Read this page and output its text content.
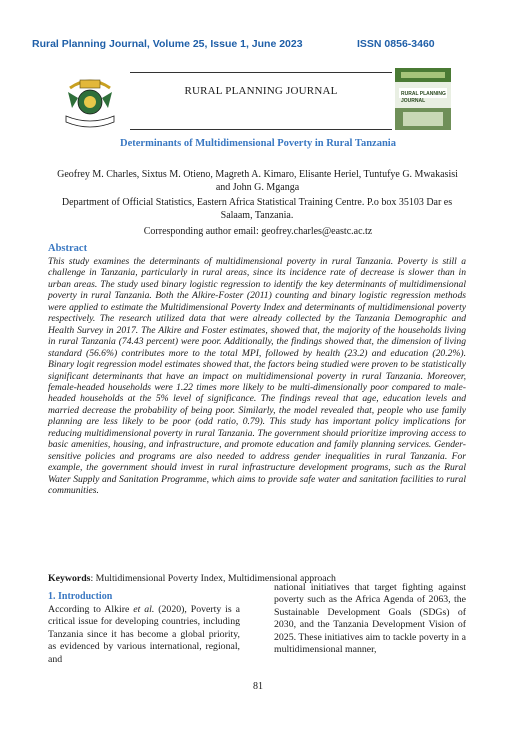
Rural Planning Journal, Volume 25, Issue 1, June 2023	ISSN 0856-3460
RURAL PLANNING JOURNAL	RURAL PLANNING
JOURNAL
Determinants of Multidimensional Poverty in Rural Tanzania
Geofrey M. Charles, Sixtus M. Otieno, Magreth A. Kimaro, Elisante Heriel, Tuntufye G. Mwakasisi and John G. Mganga
Department of Official Statistics, Eastern Africa Statistical Training Centre. P.o box 35103 Dar es Salaam, Tanzania.
Corresponding author email: geofrey.charles@eastc.ac.tz
Abstract
This study examines the determinants of multidimensional poverty in rural Tanzania. Poverty is still a challenge in Tanzania, particularly in rural areas, since its incidence rate of decrease is slower than in urban areas. The study used binary logistic regression to identify the key determinants of multidimensional poverty in rural Tanzania. Both the Alkire-Foster (2011) counting and binary logistic regression methods were applied to estimate the Multidimensional Poverty Index and determinants of multidimensional poverty respectively. The research utilized data that were already collected by the Tanzania Demographic and Health Survey in 2017. The Alkire and Foster estimates, showed that, the majority of the households living in rural Tanzania (74.43 percent) were poor. Additionally, the findings showed that, the dimension of living standard (56.6%) contributes more to the total MPI, followed by health (23.2) and education (20.2%). Binary logit regression model estimates showed that, the factors being studied were proven to be statistically significant determinants that have an impact on multidimensional poverty in rural Tanzania. Moreover, female-headed households were 1.22 times more likely to be multi-dimensionally poor compared to male-headed households at the 5% level of significance. The findings reveal that age, education levels and married decrease the probability of being poor. Similarly, the model revealed that, people who use family planning are less likely to be poor (odd ratio, 0.79). This study has important policy implications for reducing multidimensional poverty in rural Tanzania. The government should prioritize improving access to basic amenities, housing, and infrastructure, and promote education and family planning services. Gender-sensitive policies and programs are also needed to address gender inequalities in rural Tanzania. For example, the government should invest in rural infrastructure development programs, such as the Rural Water Supply and Sanitation Programme, which aims to provide safe water and sanitation facilities to rural communities.
Keywords: Multidimensional Poverty Index, Multidimensional approach
1. Introduction
According to Alkire et al. (2020), Poverty is a critical issue for developing countries, including Tanzania since it has become a global priority, as evidenced by various international, regional, and
national initiatives that target fighting against poverty such as the Africa Agenda of 2063, the Sustainable Development Goals (SDGs) of 2030, and the Tanzania Development Vision of 2025. These initiatives aim to tackle poverty in a multidimensional manner,
81
